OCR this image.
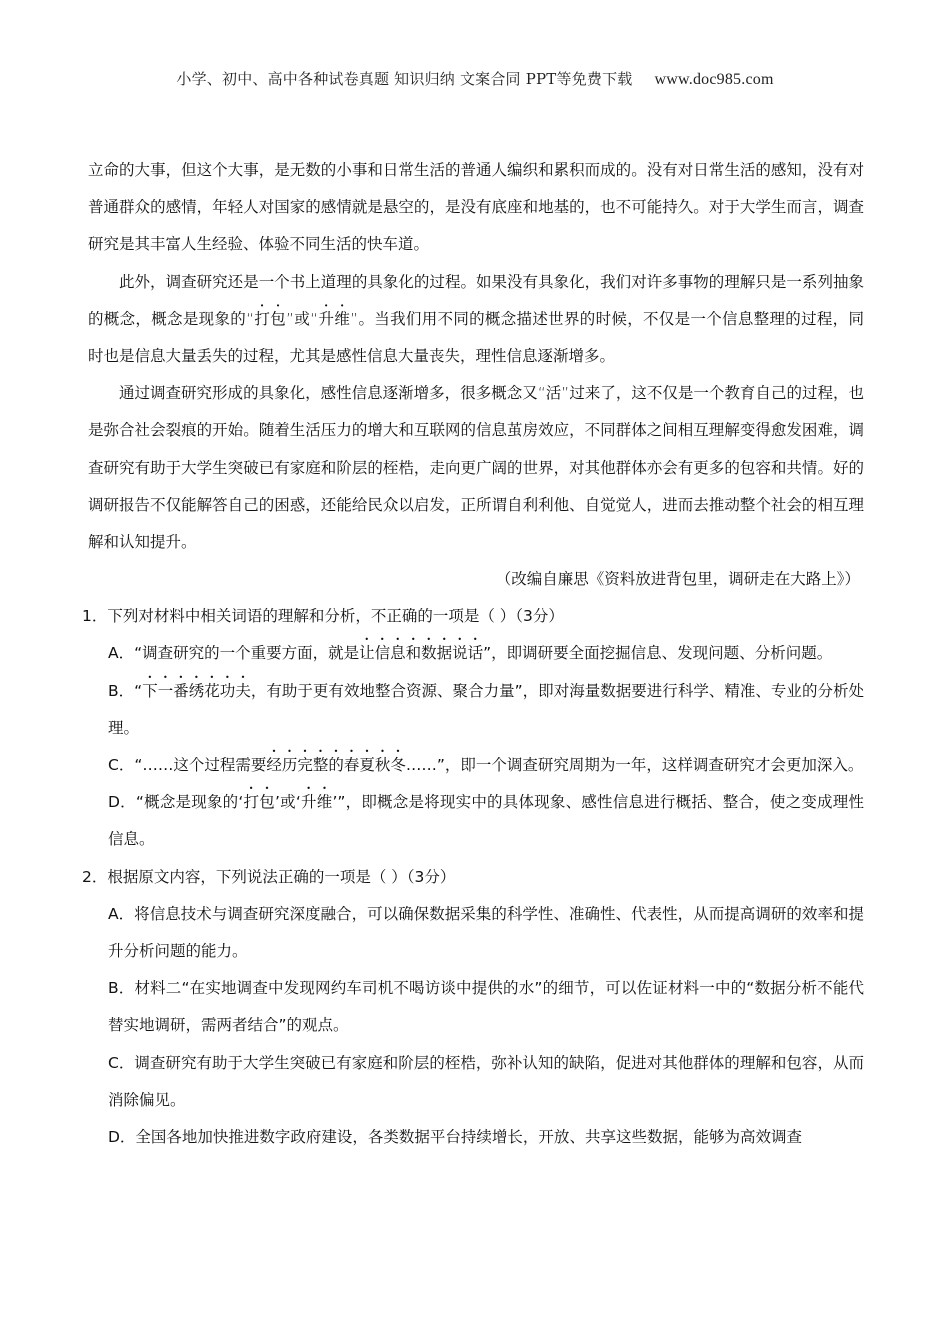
小学、初中、高中各种试卷真题 知识归纳 文案合同 PPT等免费下载 www.doc985.com

立命的大事，但这个大事，是无数的小事和日常生活的普通人编织和累积而成的。没有对日常生活的感知，没有对普通群众的感情，年轻人对国家的感情就是悬空的，是没有底座和地基的，也不可能持久。对于大学生而言，调查研究是其丰富人生经验、体验不同生活的快车道。

此外，调查研究还是一个书上道理的具象化的过程。如果没有具象化，我们对许多事物的理解只是一系列抽象的概念，概念是现象的“打包”或“升维”。当我们用不同的概念描述世界的时候，不仅是一个信息整理的过程，同时也是信息大量丢失的过程，尤其是感性信息大量丧失，理性信息逐渐增多。

通过调查研究形成的具象化，感性信息逐渐增多，很多概念又“活”过来了，这不仅是一个教育自己的过程，也是弥合社会裂痕的开始。随着生活压力的增大和互联网的信息茧房效应，不同群体之间相互理解变得愈发困难，调查研究有助于大学生突破已有家庭和阶层的桎梏，走向更广阔的世界，对其他群体亦会有更多的包容和共情。好的调研报告不仅能解答自己的困惑，还能给民众以启发，正所谓自利利他、自觉觉人，进而去推动整个社会的相互理解和认知提升。

（改编自廉思《资料放进背包里，调研走在大路上》）

1．下列对材料中相关词语的理解和分析，不正确的一项是（ ）（3分）

A．“调查研究的一个重要方面，就是让信息和数据说话”，即调研要全面挖掘信息、发现问题、分析问题。

B．“下一番绣花功夫，有助于更有效地整合资源、聚合力量”，即对海量数据要进行科学、精准、专业的分析处理。

C．“……这个过程需要经历完整的春夏秋冬……”，即一个调查研究周期为一年，这样调查研究才会更加深入。

D．“概念是现象的‘打包’或‘升维’”，即概念是将现实中的具体现象、感性信息进行概括、整合，使之变成理性信息。

2．根据原文内容，下列说法正确的一项是（ ）（3分）

A．将信息技术与调查研究深度融合，可以确保数据采集的科学性、准确性、代表性，从而提高调研的效率和提升分析问题的能力。

B．材料二“在实地调查中发现网约车司机不喝访谈中提供的水”的细节，可以佐证材料一中的“数据分析不能代替实地调研，需两者结合”的观点。

C．调查研究有助于大学生突破已有家庭和阶层的桎梏，弥补认知的缺陷，促进对其他群体的理解和包容，从而消除偏见。

D．全国各地加快推进数字政府建设，各类数据平台持续增长，开放、共享这些数据，能够为高效调查
